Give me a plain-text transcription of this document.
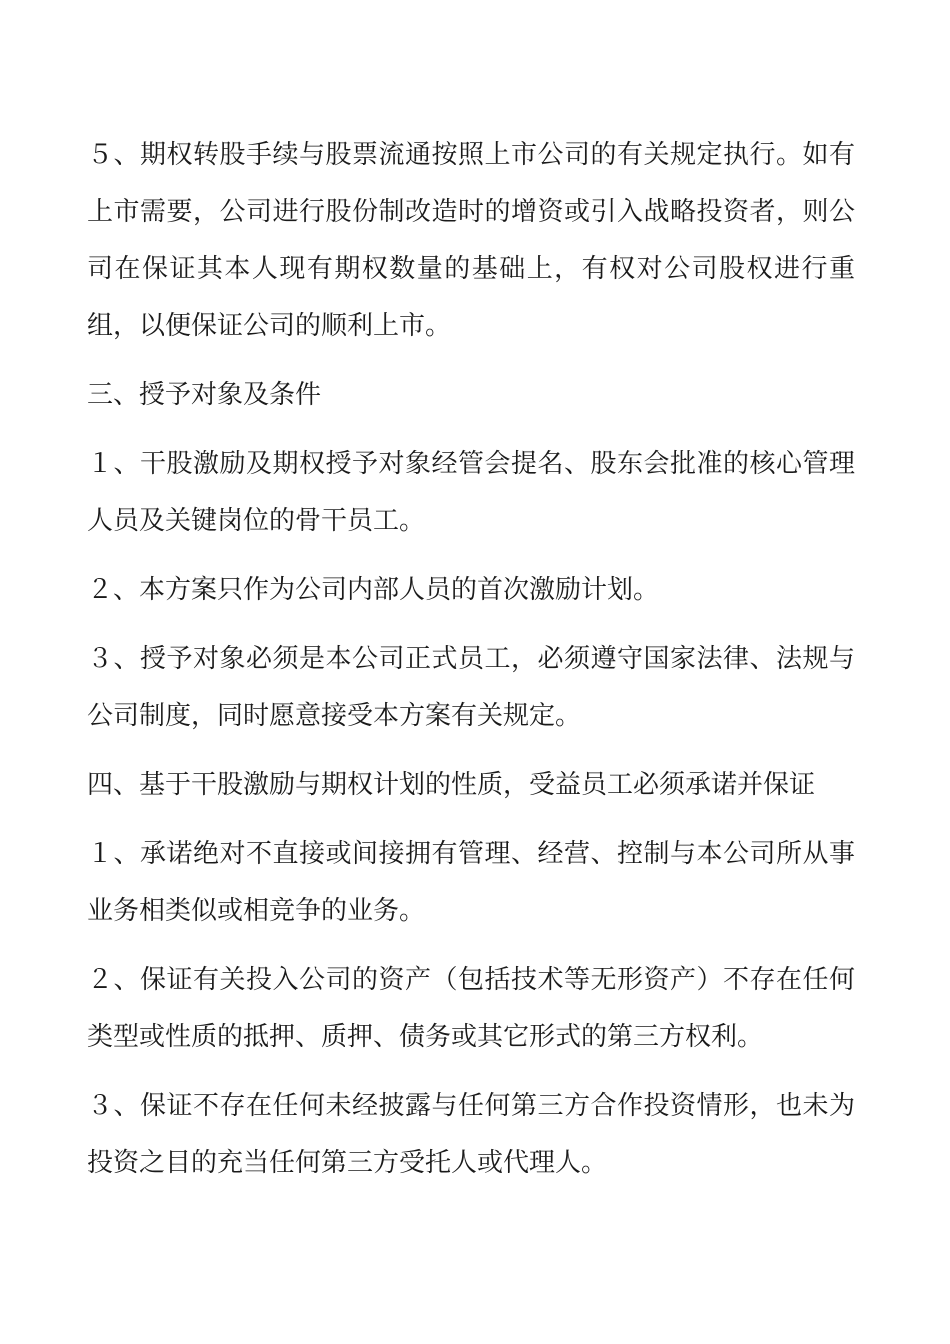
５、期权转股手续与股票流通按照上市公司的有关规定执行。如有上市需要，公司进行股份制改造时的增资或引入战略投资者，则公司在保证其本人现有期权数量的基础上，有权对公司股权进行重组，以便保证公司的顺利上市。

三、授予对象及条件

１、干股激励及期权授予对象经管会提名、股东会批准的核心管理人员及关键岗位的骨干员工。

２、本方案只作为公司内部人员的首次激励计划。

３、授予对象必须是本公司正式员工，必须遵守国家法律、法规与公司制度，同时愿意接受本方案有关规定。

四、基于干股激励与期权计划的性质，受益员工必须承诺并保证

１、承诺绝对不直接或间接拥有管理、经营、控制与本公司所从事业务相类似或相竞争的业务。

２、保证有关投入公司的资产（包括技术等无形资产）不存在任何类型或性质的抵押、质押、债务或其它形式的第三方权利。

３、保证不存在任何未经披露与任何第三方合作投资情形，也未为投资之目的充当任何第三方受托人或代理人。
